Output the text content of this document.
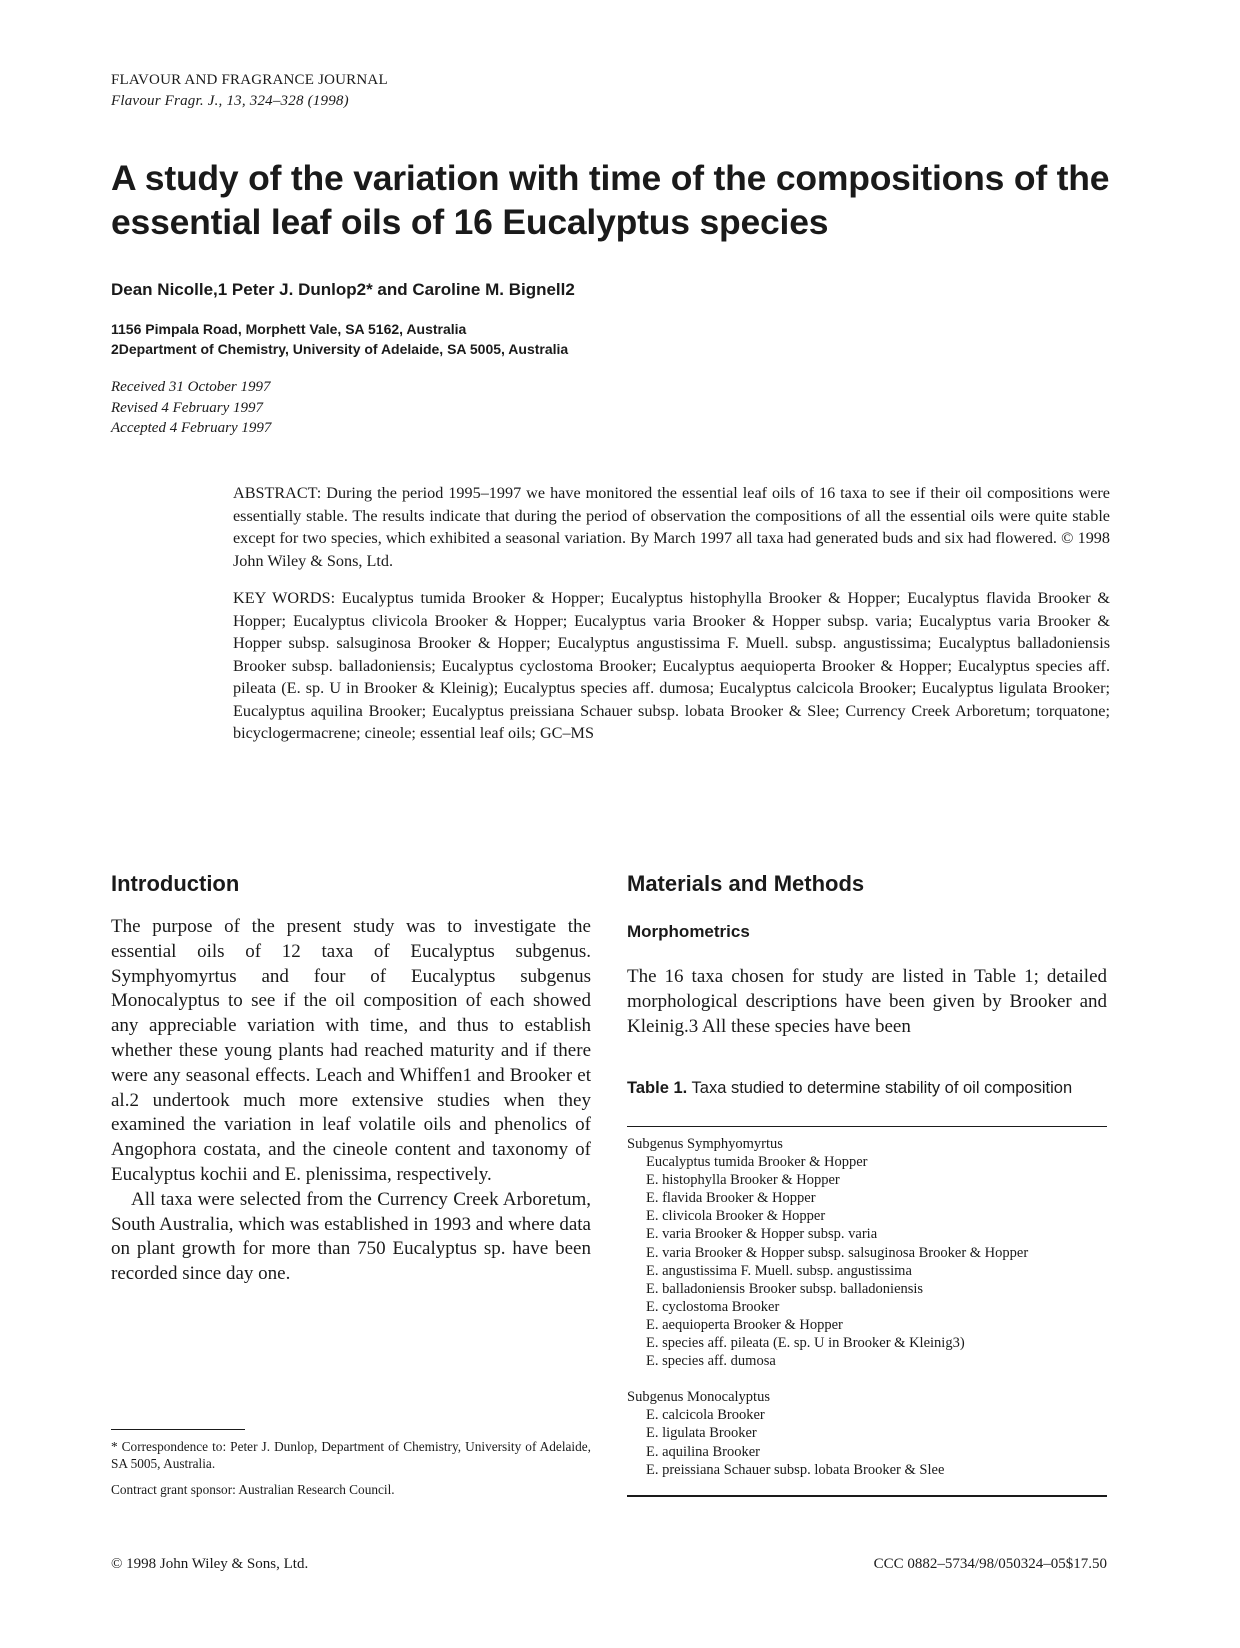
FLAVOUR AND FRAGRANCE JOURNAL
Flavour Fragr. J., 13, 324–328 (1998)
A study of the variation with time of the compositions of the essential leaf oils of 16 Eucalyptus species
Dean Nicolle,1 Peter J. Dunlop2* and Caroline M. Bignell2
1156 Pimpala Road, Morphett Vale, SA 5162, Australia
2Department of Chemistry, University of Adelaide, SA 5005, Australia
Received 31 October 1997
Revised 4 February 1997
Accepted 4 February 1997

ABSTRACT: During the period 1995–1997 we have monitored the essential leaf oils of 16 taxa to see if their oil compositions were essentially stable. The results indicate that during the period of observation the compositions of all the essential oils were quite stable except for two species, which exhibited a seasonal variation. By March 1997 all taxa had generated buds and six had flowered. © 1998 John Wiley & Sons, Ltd.

KEY WORDS: Eucalyptus tumida Brooker & Hopper; Eucalyptus histophylla Brooker & Hopper; Eucalyptus flavida Brooker & Hopper; Eucalyptus clivicola Brooker & Hopper; Eucalyptus varia Brooker & Hopper subsp. varia; Eucalyptus varia Brooker & Hopper subsp. salsuginosa Brooker & Hopper; Eucalyptus angustissima F. Muell. subsp. angustissima; Eucalyptus balladoniensis Brooker subsp. balladoniensis; Eucalyptus cyclostoma Brooker; Eucalyptus aequioperta Brooker & Hopper; Eucalyptus species aff. pileata (E. sp. U in Brooker & Kleinig); Eucalyptus species aff. dumosa; Eucalyptus calcicola Brooker; Eucalyptus ligulata Brooker; Eucalyptus aquilina Brooker; Eucalyptus preissiana Schauer subsp. lobata Brooker & Slee; Currency Creek Arboretum; torquatone; bicyclogermacrene; cineole; essential leaf oils; GC–MS

Introduction

The purpose of the present study was to investigate the essential oils of 12 taxa of Eucalyptus subgenus. Symphyomyrtus and four of Eucalyptus subgenus Monocalyptus to see if the oil composition of each showed any appreciable variation with time, and thus to establish whether these young plants had reached maturity and if there were any seasonal effects. Leach and Whiffen1 and Brooker et al.2 undertook much more extensive studies when they examined the variation in leaf volatile oils and phenolics of Angophora costata, and the cineole content and taxonomy of Eucalyptus kochii and E. plenissima, respectively.

All taxa were selected from the Currency Creek Arboretum, South Australia, which was established in 1993 and where data on plant growth for more than 750 Eucalyptus sp. have been recorded since day one.

Materials and Methods
Morphometrics

The 16 taxa chosen for study are listed in Table 1; detailed morphological descriptions have been given by Brooker and Kleinig.3 All these species have been

Table 1. Taxa studied to determine stability of oil composition

Subgenus Symphyomyrtus

Eucalyptus tumida Brooker & Hopper

E. histophylla Brooker & Hopper

E. flavida Brooker & Hopper

E. clivicola Brooker & Hopper

E. varia Brooker & Hopper subsp. varia

E. varia Brooker & Hopper subsp. salsuginosa Brooker & Hopper

E. angustissima F. Muell. subsp. angustissima

E. balladoniensis Brooker subsp. balladoniensis

E. cyclostoma Brooker

E. aequioperta Brooker & Hopper

E. species aff. pileata (E. sp. U in Brooker & Kleinig3)

E. species aff. dumosa

Subgenus Monocalyptus

E. calcicola Brooker

E. ligulata Brooker

E. aquilina Brooker

E. preissiana Schauer subsp. lobata Brooker & Slee

* Correspondence to: Peter J. Dunlop, Department of Chemistry, University of Adelaide, SA 5005, Australia.

Contract grant sponsor: Australian Research Council.
© 1998 John Wiley & Sons, Ltd.	CCC 0882–5734/98/050324–05$17.50
